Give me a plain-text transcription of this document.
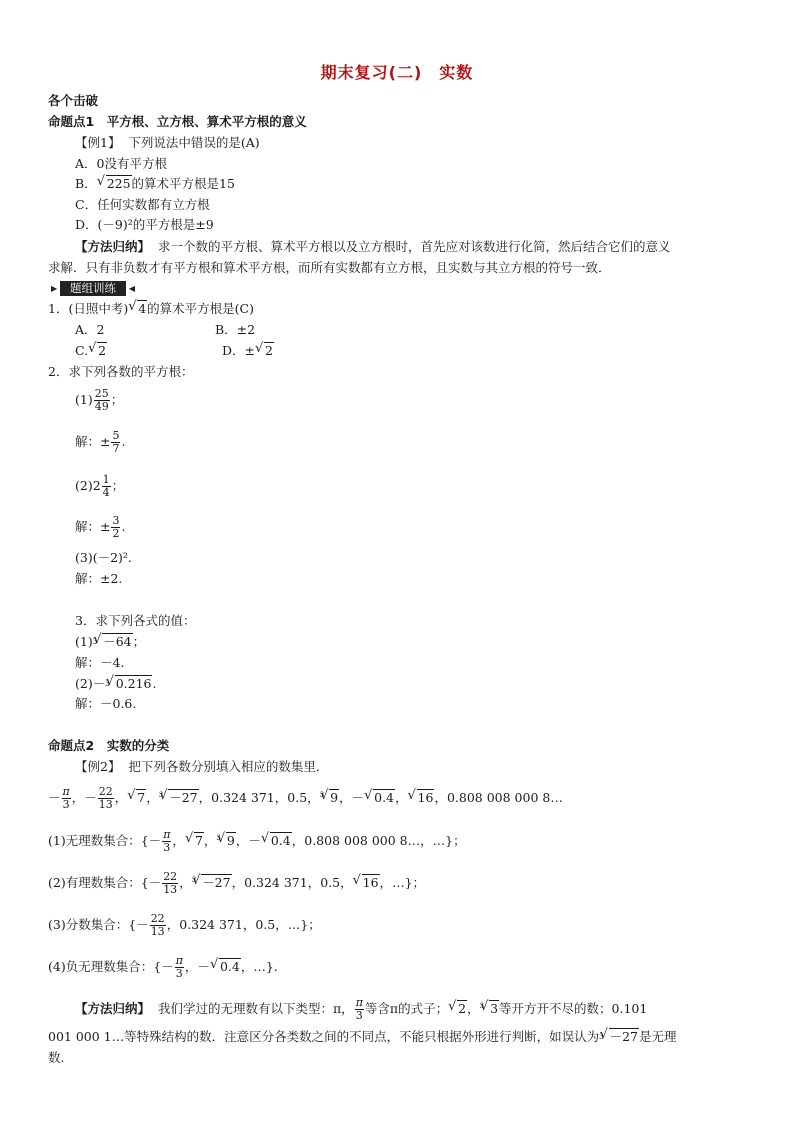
期末复习(二)　实数
各个击破
命题点1　平方根、立方根、算术平方根的意义
【例1】 下列说法中错误的是(A)
A．0没有平方根
B．√ 225的算术平方根是15
C．任何实数都有立方根
D．(－9)²的平方根是±9
【方法归纳】 求一个数的平方根、算术平方根以及立方根时，首先应对该数进行化简，然后结合它们的意义
求解．只有非负数才有平方根和算术平方根，而所有实数都有立方根，且实数与其立方根的符号一致．
▶	题组训练	◀
1．(日照中考)√ 4的算术平方根是(C)
A．2	B．±2
C.√ 2	D．±√ 2
2．求下列各数的平方根：
$(1) \frac{25}{49}$ ；
解：± $\frac{5}{7}$ .
$(2)2 \frac{1}{4}$ ；
解：± $\frac{3}{2}$ .
(3)(－2)².
解：±2.
3．求下列各式的值：
$(1)^3√ -64$；
解：－4.
(2)－$^3$√ 0.216.
解：－0.6.
命题点2　实数的分类
【例2】 把下列各数分别填入相应的数集里．
－ $\frac{\pi}{3}$ ，－ $\frac{22}{13}$ ，√ 7，$^3$√ －27，0.324 371，0.5，$^3$√ 9，－√ 0.4，√ 16，0.808 008 000 8…
(1)无理数集合：{－ $\frac{\pi}{3}$ ，√ 7，$^3$√ 9，－√ 0.4，0.808 008 000 8…，…}；
(2)有理数集合：{－ $\frac{22}{13}$ ，$^3$√ －27，0.324 371，0.5，√ 16，…}；
(3)分数集合：{－ $\frac{22}{13}$ ，0.324 371，0.5，…}；
(4)负无理数集合：{－ $\frac{\pi}{3}$ ，－√ 0.4，…}.
【方法归纳】 我们学过的无理数有以下类型：π， $\frac{\pi}{3}$ 等含π的式子；√ 2，$^3$√ 3等开方开不尽的数；0.101
001 000 1…等特殊结构的数．注意区分各类数之间的不同点，不能只根据外形进行判断，如误认为$^3$√ －27是无理
数.
